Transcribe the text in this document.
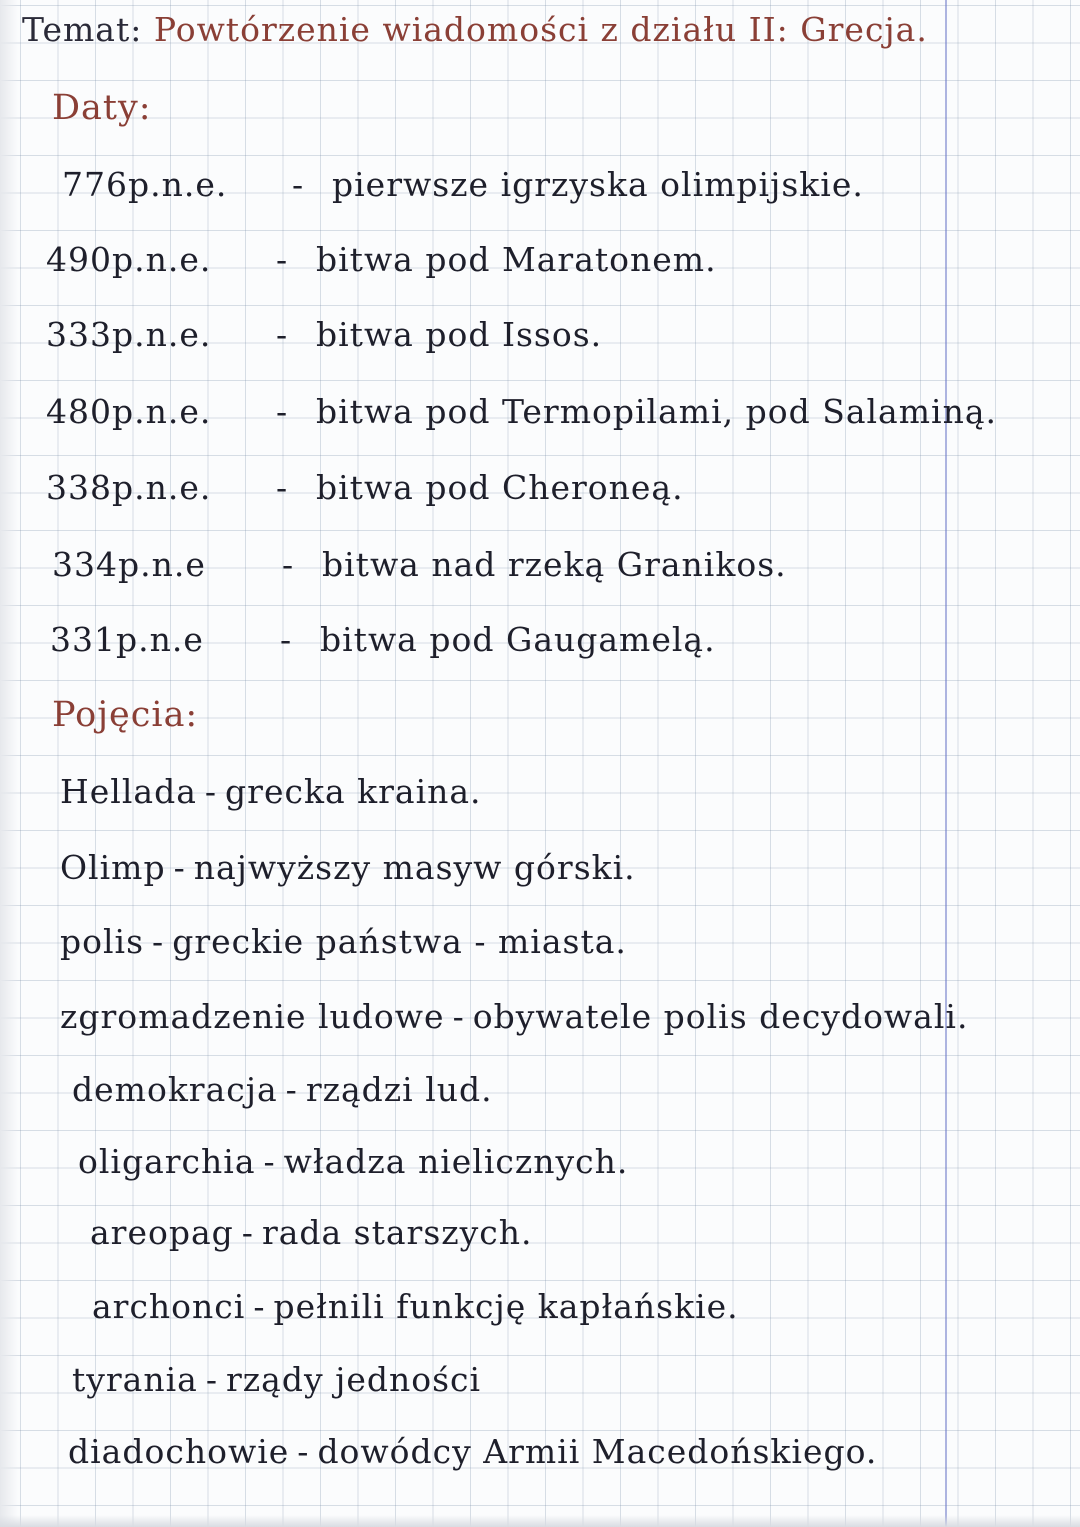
Temat: Powtórzenie wiadomości z działu II: Grecja.
Daty:
776p.n.e. - pierwsze igrzyska olimpijskie.
490p.n.e. - bitwa pod Maratonem.
333p.n.e. - bitwa pod Issos.
480p.n.e. - bitwa pod Termopilami, pod Salaminą.
338p.n.e. - bitwa pod Cheroneą.
334p.n.e - bitwa nad rzeką Granikos.
331p.n.e - bitwa pod Gaugamelą.
Pojęcia:
Hellada - grecka kraina.
Olimp - najwyższy masyw górski.
polis - greckie państwa - miasta.
zgromadzenie ludowe - obywatele polis decydowali.
demokracja - rządzi lud.
oligarchia - władza nielicznych.
areopag - rada starszych.
archonci - pełnili funkcję kapłańskie.
tyrania - rządy jedności
diadochowie - dowódcy Armii Macedońskiego.
